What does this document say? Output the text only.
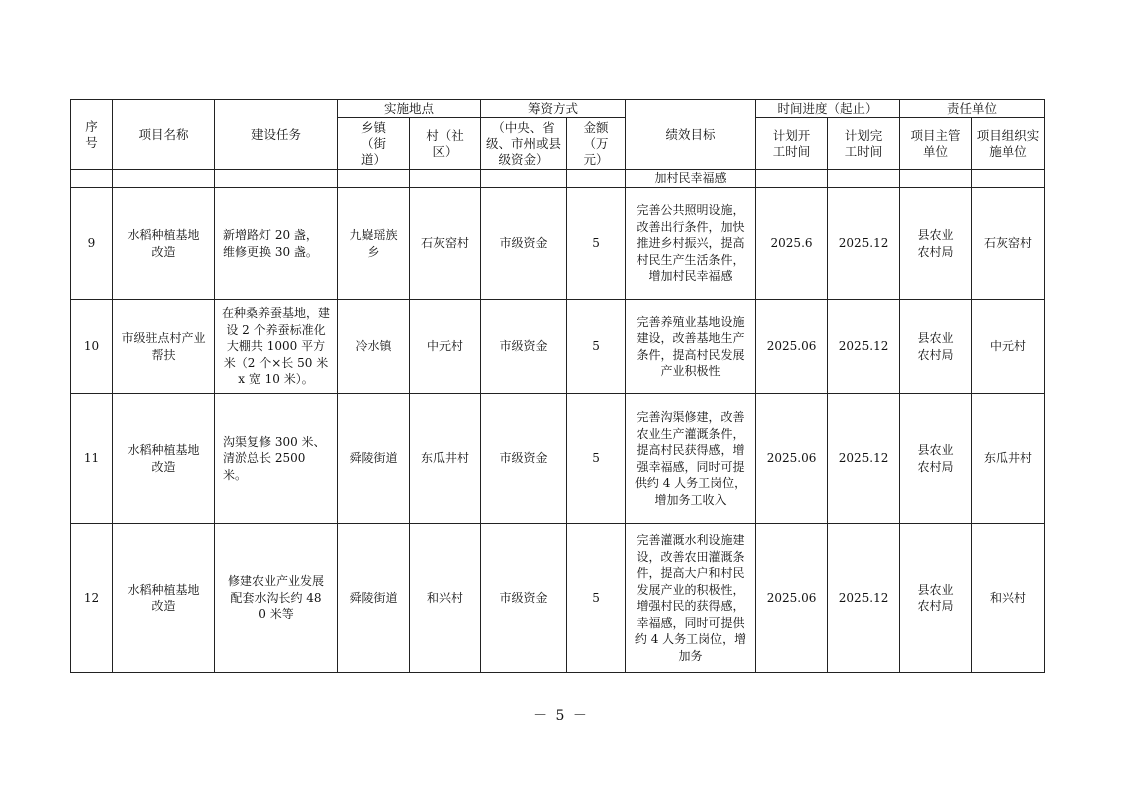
序号	项目名称	建设任务	实施地点		筹资方式		绩效目标	时间进度（起止）		责任单位	
			乡镇（街道）	村（社区）	（中央、省级、市州或县级资金）	金额（万元）		计划开工时间	计划完工时间	项目主管单位	项目组织实施单位
							加村民幸福感				
9	水稻种植基地改造	新增路灯 20 盏，维修更换 30 盏。	九嶷瑶族乡	石灰窑村	市级资金	5	完善公共照明设施，改善出行条件，加快推进乡村振兴，提高村民生产生活条件，增加村民幸福感	2025.6	2025.12	县农业农村局	石灰窑村
10	市级驻点村产业帮扶	在种桑养蚕基地，建设 2 个养蚕标准化大棚共 1000 平方米（2 个×长 50 米 x 宽 10 米）。	冷水镇	中元村	市级资金	5	完善养殖业基地设施建设，改善基地生产条件，提高村民发展产业积极性	2025.06	2025.12	县农业农村局	中元村
11	水稻种植基地改造	沟渠复修 300 米、清淤总长 2500 米。	舜陵街道	东瓜井村	市级资金	5	完善沟渠修建，改善农业生产灌溉条件，提高村民获得感，增强幸福感，同时可提供约 4 人务工岗位，增加务工收入	2025.06	2025.12	县农业农村局	东瓜井村
12	水稻种植基地改造	修建农业产业发展配套水沟长约 480 米等	舜陵街道	和兴村	市级资金	5	完善灌溉水利设施建设，改善农田灌溉条件，提高大户和村民发展产业的积极性，增强村民的获得感，幸福感，同时可提供约 4 人务工岗位，增加务	2025.06	2025.12	县农业农村局	和兴村
－ 5 －
